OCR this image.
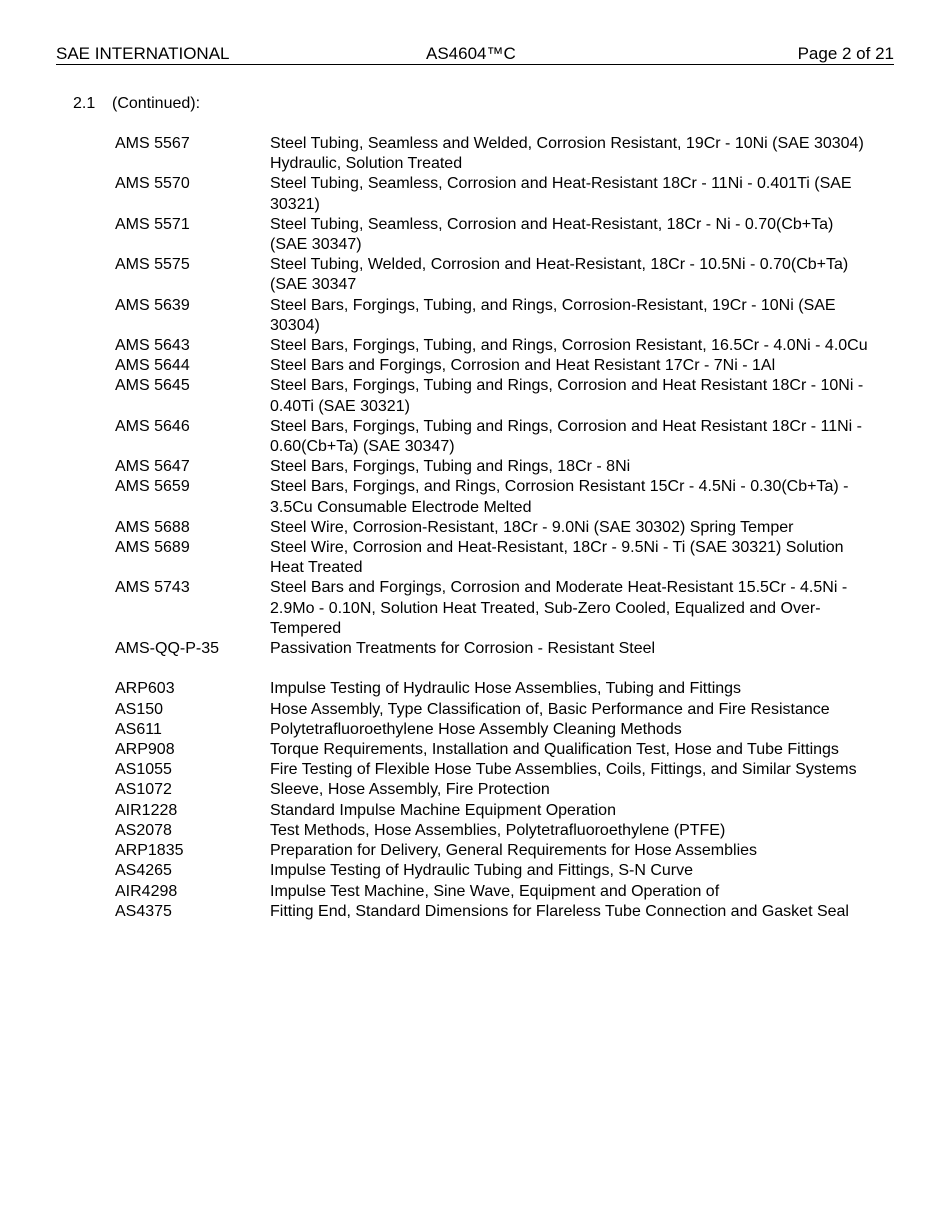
SAE INTERNATIONAL	AS4604™C	Page 2 of 21
2.1 (Continued):
AMS 5567	Steel Tubing, Seamless and Welded, Corrosion Resistant, 19Cr - 10Ni (SAE 30304) Hydraulic, Solution Treated
AMS 5570	Steel Tubing, Seamless, Corrosion and Heat-Resistant 18Cr - 11Ni - 0.401Ti (SAE 30321)
AMS 5571	Steel Tubing, Seamless, Corrosion and Heat-Resistant, 18Cr - Ni - 0.70(Cb+Ta) (SAE 30347)
AMS 5575	Steel Tubing, Welded, Corrosion and Heat-Resistant, 18Cr - 10.5Ni - 0.70(Cb+Ta) (SAE 30347
AMS 5639	Steel Bars, Forgings, Tubing, and Rings, Corrosion-Resistant, 19Cr - 10Ni (SAE 30304)
AMS 5643	Steel Bars, Forgings, Tubing, and Rings, Corrosion Resistant, 16.5Cr - 4.0Ni - 4.0Cu
AMS 5644	Steel Bars and Forgings, Corrosion and Heat Resistant 17Cr - 7Ni - 1Al
AMS 5645	Steel Bars, Forgings, Tubing and Rings, Corrosion and Heat Resistant 18Cr - 10Ni - 0.40Ti (SAE 30321)
AMS 5646	Steel Bars, Forgings, Tubing and Rings, Corrosion and Heat Resistant 18Cr - 11Ni - 0.60(Cb+Ta) (SAE 30347)
AMS 5647	Steel Bars, Forgings, Tubing and Rings, 18Cr - 8Ni
AMS 5659	Steel Bars, Forgings, and Rings, Corrosion Resistant 15Cr - 4.5Ni - 0.30(Cb+Ta) - 3.5Cu Consumable Electrode Melted
AMS 5688	Steel Wire, Corrosion-Resistant, 18Cr - 9.0Ni (SAE 30302) Spring Temper
AMS 5689	Steel Wire, Corrosion and Heat-Resistant, 18Cr - 9.5Ni - Ti (SAE 30321) Solution Heat Treated
AMS 5743	Steel Bars and Forgings, Corrosion and Moderate Heat-Resistant 15.5Cr - 4.5Ni - 2.9Mo - 0.10N, Solution Heat Treated, Sub-Zero Cooled, Equalized and Over-Tempered
AMS-QQ-P-35	Passivation Treatments for Corrosion - Resistant Steel
ARP603	Impulse Testing of Hydraulic Hose Assemblies, Tubing and Fittings
AS150	Hose Assembly, Type Classification of, Basic Performance and Fire Resistance
AS611	Polytetrafluoroethylene Hose Assembly Cleaning Methods
ARP908	Torque Requirements, Installation and Qualification Test, Hose and Tube Fittings
AS1055	Fire Testing of Flexible Hose Tube Assemblies, Coils, Fittings, and Similar Systems
AS1072	Sleeve, Hose Assembly, Fire Protection
AIR1228	Standard Impulse Machine Equipment Operation
AS2078	Test Methods, Hose Assemblies, Polytetrafluoroethylene (PTFE)
ARP1835	Preparation for Delivery, General Requirements for Hose Assemblies
AS4265	Impulse Testing of Hydraulic Tubing and Fittings, S-N Curve
AIR4298	Impulse Test Machine, Sine Wave, Equipment and Operation of
AS4375	Fitting End, Standard Dimensions for Flareless Tube Connection and Gasket Seal
